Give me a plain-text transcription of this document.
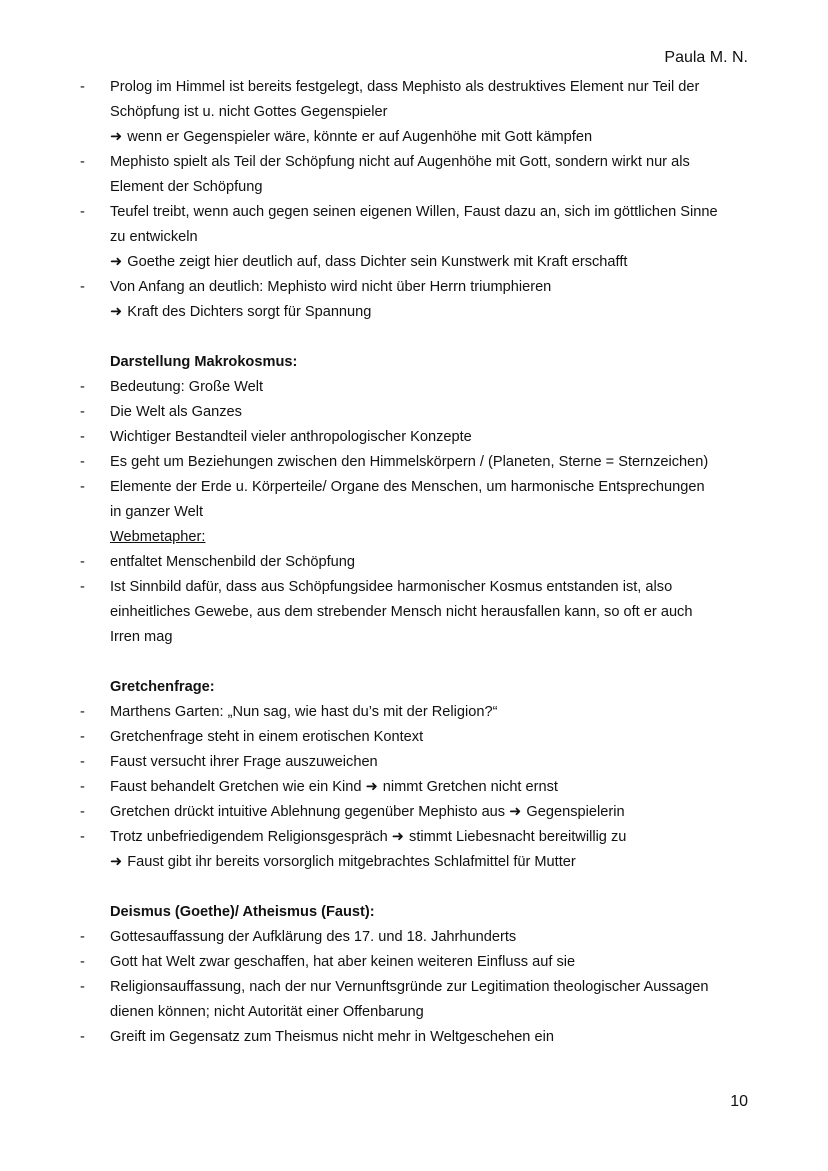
Paula M. N.
- Prolog im Himmel ist bereits festgelegt, dass Mephisto als destruktives Element nur Teil der
Schöpfung ist u. nicht Gottes Gegenspieler
➜ wenn er Gegenspieler wäre, könnte er auf Augenhöhe mit Gott kämpfen
- Mephisto spielt als Teil der Schöpfung nicht auf Augenhöhe mit Gott, sondern wirkt nur als
Element der Schöpfung
- Teufel treibt, wenn auch gegen seinen eigenen Willen, Faust dazu an, sich im göttlichen Sinne
zu entwickeln
➜ Goethe zeigt hier deutlich auf, dass Dichter sein Kunstwerk mit Kraft erschafft
- Von Anfang an deutlich: Mephisto wird nicht über Herrn triumphieren
➜ Kraft des Dichters sorgt für Spannung
Darstellung Makrokosmus:
- Bedeutung: Große Welt
- Die Welt als Ganzes
- Wichtiger Bestandteil vieler anthropologischer Konzepte
- Es geht um Beziehungen zwischen den Himmelskörpern / (Planeten, Sterne = Sternzeichen)
- Elemente der Erde u. Körperteile/ Organe des Menschen, um harmonische Entsprechungen
in ganzer Welt
Webmetapher:
- entfaltet Menschenbild der Schöpfung
- Ist Sinnbild dafür, dass aus Schöpfungsidee harmonischer Kosmus entstanden ist, also
einheitliches Gewebe, aus dem strebender Mensch nicht herausfallen kann, so oft er auch
Irren mag
Gretchenfrage:
- Marthens Garten: „Nun sag, wie hast du’s mit der Religion?“
- Gretchenfrage steht in einem erotischen Kontext
- Faust versucht ihrer Frage auszuweichen
- Faust behandelt Gretchen wie ein Kind ➜ nimmt Gretchen nicht ernst
- Gretchen drückt intuitive Ablehnung gegenüber Mephisto aus ➜ Gegenspielerin
- Trotz unbefriedigendem Religionsgespräch ➜ stimmt Liebesnacht bereitwillig zu
➜ Faust gibt ihr bereits vorsorglich mitgebrachtes Schlafmittel für Mutter
Deismus (Goethe)/ Atheismus (Faust):
- Gottesauffassung der Aufklärung des 17. und 18. Jahrhunderts
- Gott hat Welt zwar geschaffen, hat aber keinen weiteren Einfluss auf sie
- Religionsauffassung, nach der nur Vernunftsgründe zur Legitimation theologischer Aussagen
dienen können; nicht Autorität einer Offenbarung
- Greift im Gegensatz zum Theismus nicht mehr in Weltgeschehen ein
10
